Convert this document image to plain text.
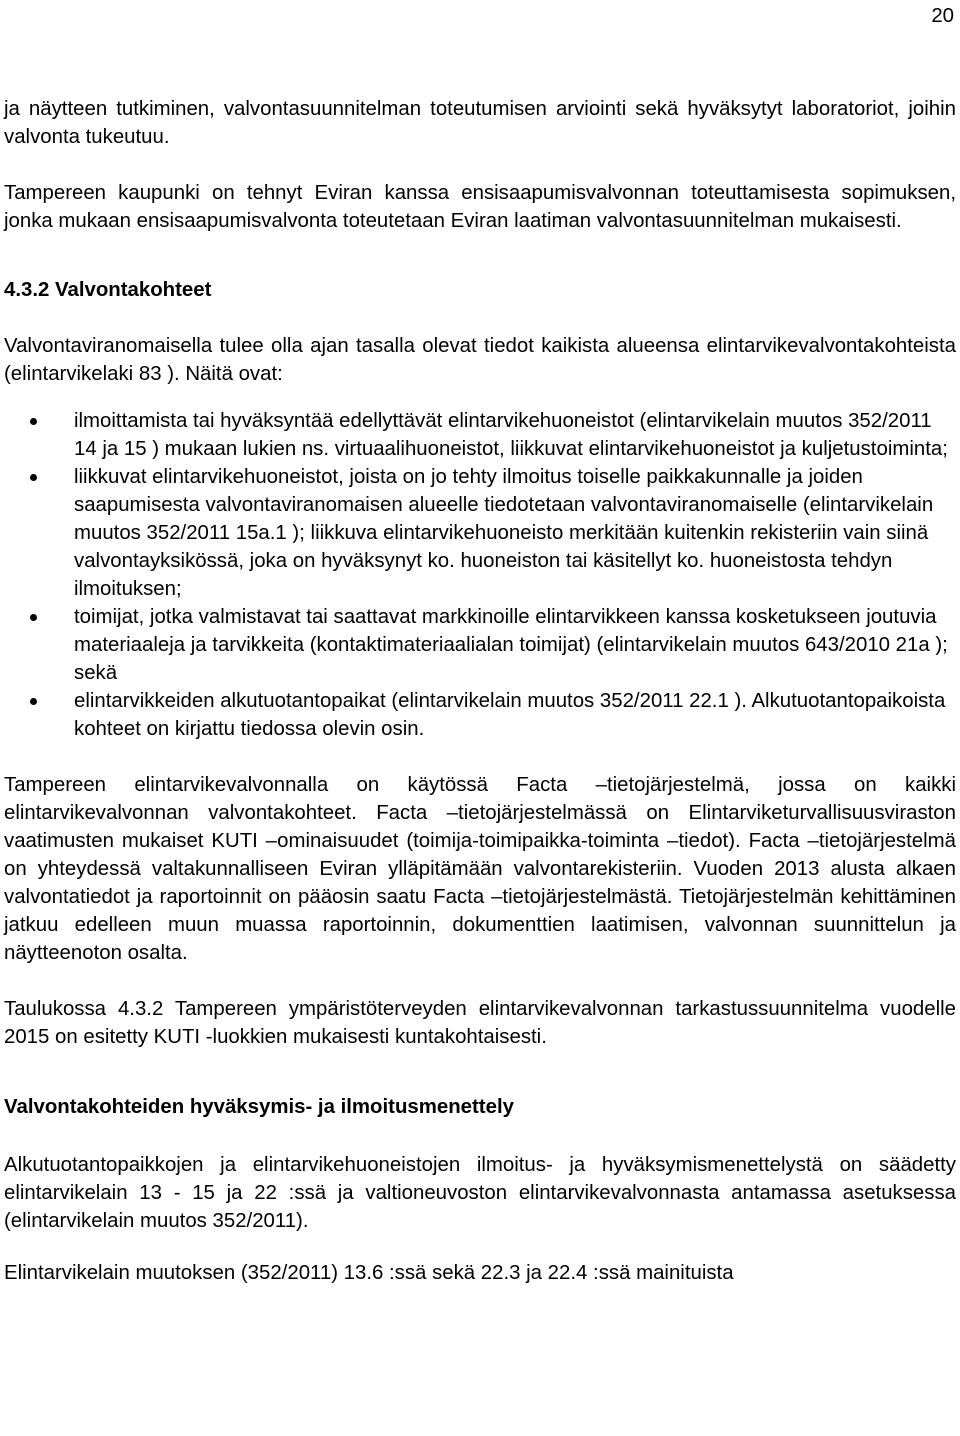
20

ja näytteen tutkiminen, valvontasuunnitelman toteutumisen arviointi sekä hyväksytyt laboratoriot, joihin valvonta tukeutuu.

Tampereen kaupunki on tehnyt Eviran kanssa ensisaapumisvalvonnan toteuttamisesta sopimuksen, jonka mukaan ensisaapumisvalvonta toteutetaan Eviran laatiman valvontasuunnitelman mukaisesti.

4.3.2 Valvontakohteet

Valvontaviranomaisella tulee olla ajan tasalla olevat tiedot kaikista alueensa elintarvikevalvontakohteista (elintarvikelaki 83 ). Näitä ovat:

ilmoittamista tai hyväksyntää edellyttävät elintarvikehuoneistot (elintarvikelain muutos 352/2011 14 ja 15 ) mukaan lukien ns. virtuaalihuoneistot, liikkuvat elintarvikehuoneistot ja kuljetustoiminta;
liikkuvat elintarvikehuoneistot, joista on jo tehty ilmoitus toiselle paikkakunnalle ja joiden saapumisesta valvontaviranomaisen alueelle tiedotetaan valvontaviranomaiselle (elintarvikelain muutos 352/2011 15a.1 ); liikkuva elintarvikehuoneisto merkitään kuitenkin rekisteriin vain siinä valvontayksikössä, joka on hyväksynyt ko. huoneiston tai käsitellyt ko. huoneistosta tehdyn ilmoituksen;
toimijat, jotka valmistavat tai saattavat markkinoille elintarvikkeen kanssa kosketukseen joutuvia materiaaleja ja tarvikkeita (kontaktimateriaalialan toimijat) (elintarvikelain muutos 643/2010 21a ); sekä
elintarvikkeiden alkutuotantopaikat (elintarvikelain muutos 352/2011 22.1 ). Alkutuotantopaikoista kohteet on kirjattu tiedossa olevin osin.

Tampereen elintarvikevalvonnalla on käytössä Facta –tietojärjestelmä, jossa on kaikki elintarvikevalvonnan valvontakohteet. Facta –tietojärjestelmässä on Elintarviketurvallisuusviraston vaatimusten mukaiset KUTI –ominaisuudet (toimija-toimipaikka-toiminta –tiedot). Facta –tietojärjestelmä on yhteydessä valtakunnalliseen Eviran ylläpitämään valvontarekisteriin. Vuoden 2013 alusta alkaen valvontatiedot ja raportoinnit on pääosin saatu Facta –tietojärjestelmästä. Tietojärjestelmän kehittäminen jatkuu edelleen muun muassa raportoinnin, dokumenttien laatimisen, valvonnan suunnittelun ja näytteenoton osalta.

Taulukossa 4.3.2 Tampereen ympäristöterveyden elintarvikevalvonnan tarkastussuunnitelma vuodelle 2015 on esitetty KUTI -luokkien mukaisesti kuntakohtaisesti.

Valvontakohteiden hyväksymis- ja ilmoitusmenettely

Alkutuotantopaikkojen ja elintarvikehuoneistojen ilmoitus- ja hyväksymismenettelystä on säädetty elintarvikelain 13 - 15 ja 22 :ssä ja valtioneuvoston elintarvikevalvonnasta antamassa asetuksessa (elintarvikelain muutos 352/2011).

Elintarvikelain muutoksen (352/2011) 13.6 :ssä sekä 22.3 ja 22.4 :ssä mainituista
